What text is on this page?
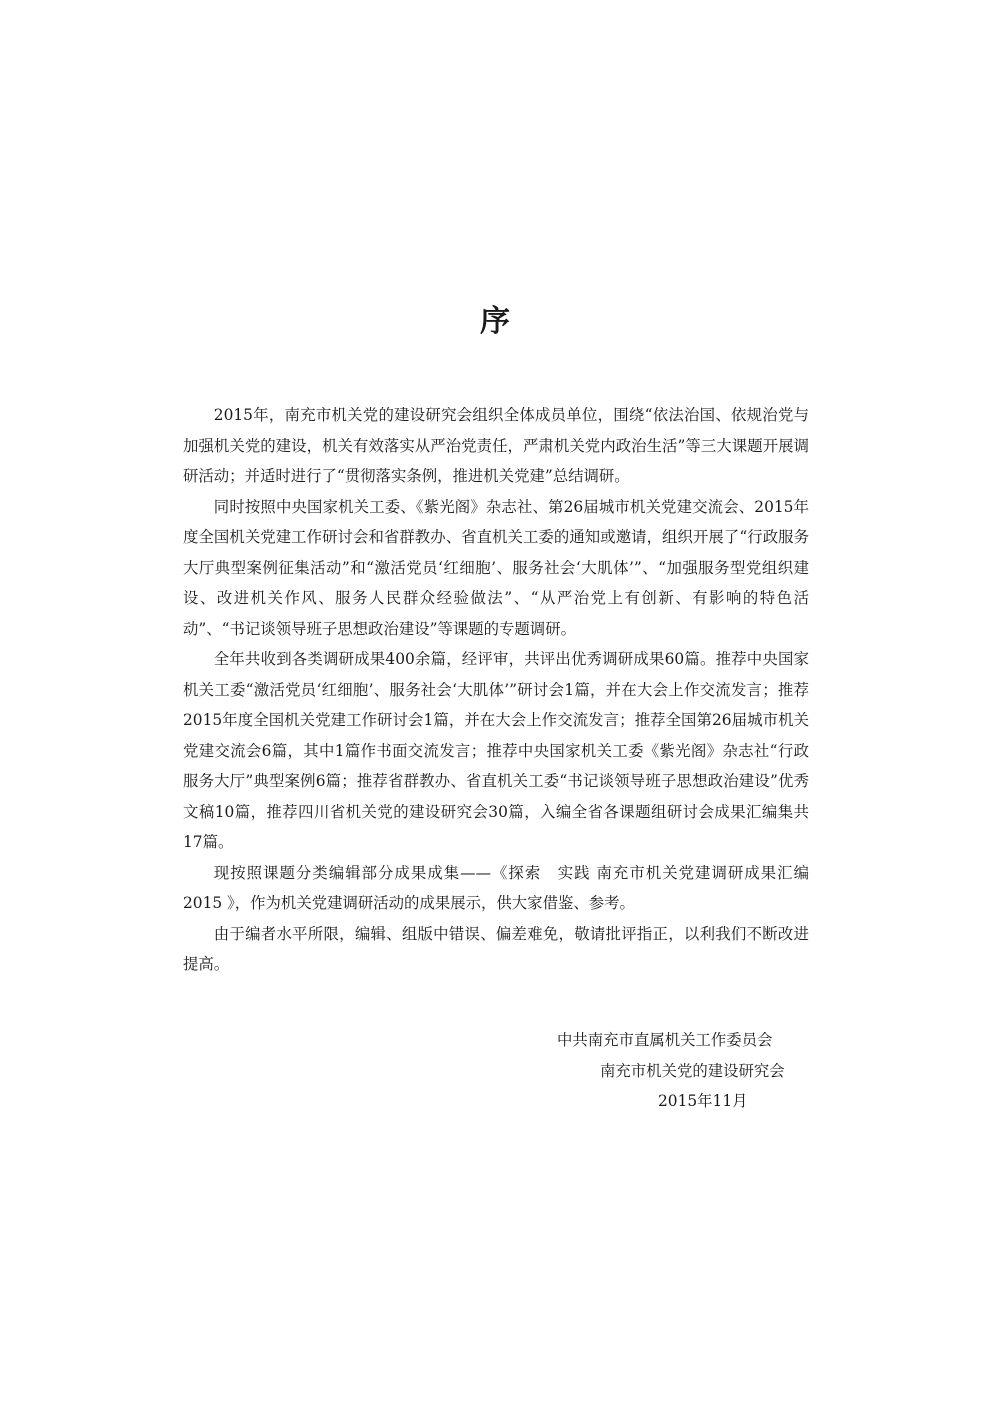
序

2015年，南充市机关党的建设研究会组织全体成员单位，围绕“依法治国、依规治党与加强机关党的建设，机关有效落实从严治党责任，严肃机关党内政治生活”等三大课题开展调研活动；并适时进行了“贯彻落实条例，推进机关党建”总结调研。

同时按照中央国家机关工委、《紫光阁》杂志社、第26届城市机关党建交流会、2015年度全国机关党建工作研讨会和省群教办、省直机关工委的通知或邀请，组织开展了“行政服务大厅典型案例征集活动”和“激活党员‘红细胞’、服务社会‘大肌体’”、“加强服务型党组织建设、改进机关作风、服务人民群众经验做法”、“从严治党上有创新、有影响的特色活动”、“书记谈领导班子思想政治建设”等课题的专题调研。

全年共收到各类调研成果400余篇，经评审，共评出优秀调研成果60篇。推荐中央国家机关工委“激活党员‘红细胞’、服务社会‘大肌体’”研讨会1篇，并在大会上作交流发言；推荐2015年度全国机关党建工作研讨会1篇，并在大会上作交流发言；推荐全国第26届城市机关党建交流会6篇，其中1篇作书面交流发言；推荐中央国家机关工委《紫光阁》杂志社“行政服务大厅”典型案例6篇；推荐省群教办、省直机关工委“书记谈领导班子思想政治建设”优秀文稿10篇，推荐四川省机关党的建设研究会30篇，入编全省各课题组研讨会成果汇编集共17篇。

现按照课题分类编辑部分成果成集——《探索　实践 南充市机关党建调研成果汇编 2015 》，作为机关党建调研活动的成果展示，供大家借鉴、参考。

由于编者水平所限，编辑、组版中错误、偏差难免，敬请批评指正，以利我们不断改进提高。

中共南充市直属机关工作委员会

南充市机关党的建设研究会

2015年11月
